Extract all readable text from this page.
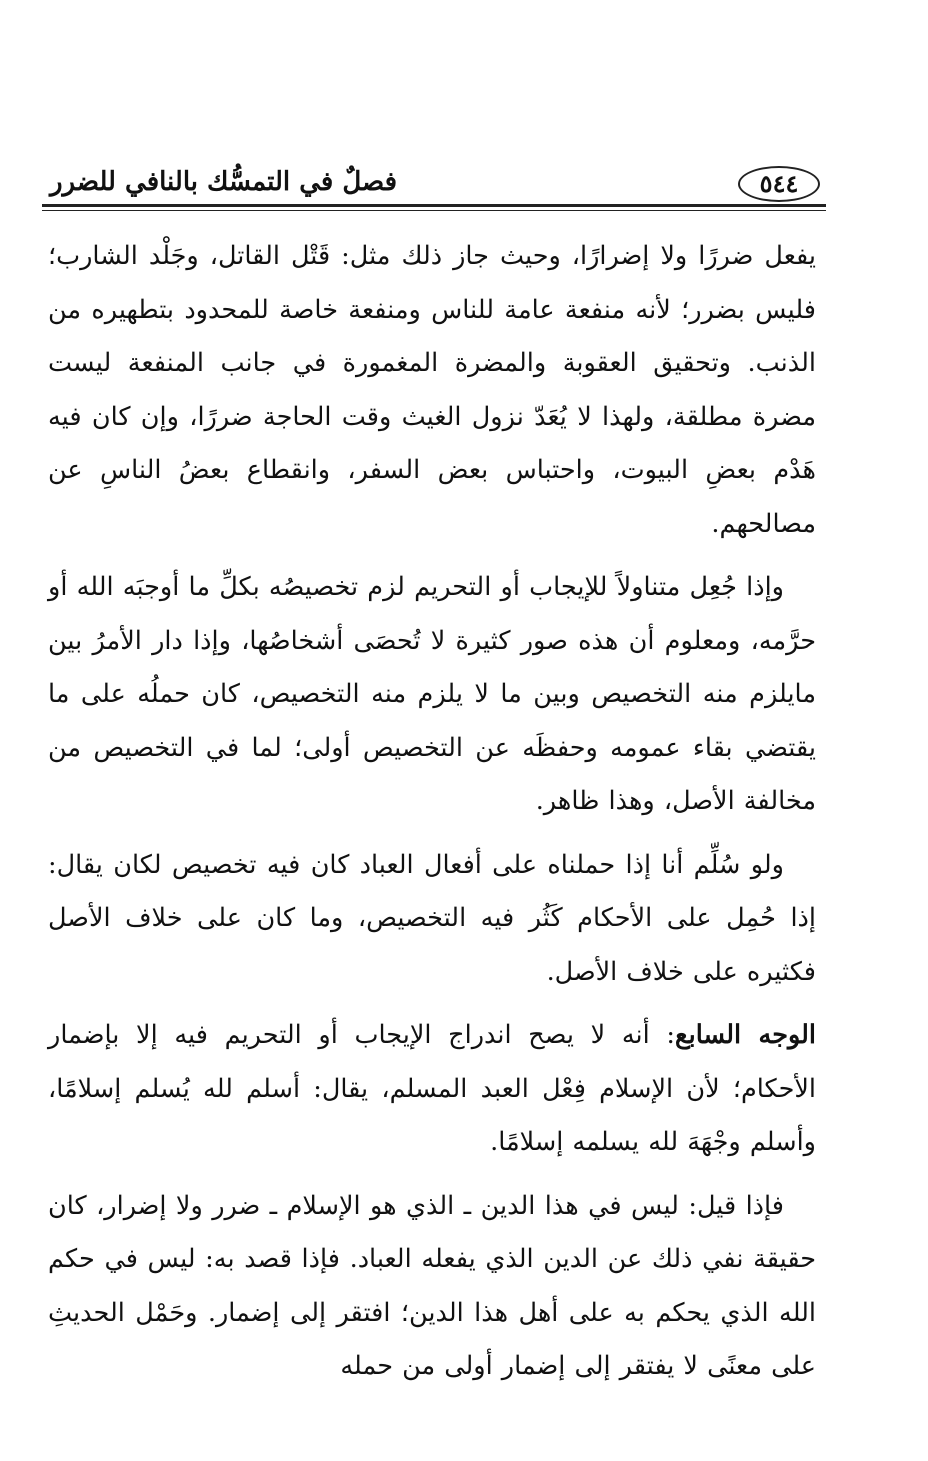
٥٤٤
فصلٌ في التمسُّك بالنافي للضرر

يفعل ضررًا ولا إضرارًا، وحيث جاز ذلك مثل: قَتْل القاتل، وجَلْد الشارب؛ فليس بضرر؛ لأنه منفعة عامة للناس ومنفعة خاصة للمحدود بتطهيره من الذنب. وتحقيق العقوبة والمضرة المغمورة في جانب المنفعة ليست مضرة مطلقة، ولهذا لا يُعَدّ نزول الغيث وقت الحاجة ضررًا، وإن كان فيه هَدْم بعضِ البيوت، واحتباس بعض السفر، وانقطاع بعضُ الناسِ عن مصالحهم.

وإذا جُعِل متناولاً للإيجاب أو التحريم لزم تخصيصُه بكلِّ ما أوجبَه الله أو حرَّمه، ومعلوم أن هذه صور كثيرة لا تُحصَى أشخاصُها، وإذا دار الأمرُ بين مايلزم منه التخصيص وبين ما لا يلزم منه التخصيص، كان حملُه على ما يقتضي بقاء عمومه وحفظَه عن التخصيص أولى؛ لما في التخصيص من مخالفة الأصل، وهذا ظاهر.

ولو سُلِّم أنا إذا حملناه على أفعال العباد كان فيه تخصيص لكان يقال: إذا حُمِل على الأحكام كَثُر فيه التخصيص، وما كان على خلاف الأصل فكثيره على خلاف الأصل.

الوجه السابع: أنه لا يصح اندراج الإيجاب أو التحريم فيه إلا بإضمار الأحكام؛ لأن الإسلام فِعْل العبد المسلم، يقال: أسلم لله يُسلم إسلامًا، وأسلم وجْهَهَ لله يسلمه إسلامًا.

فإذا قيل: ليس في هذا الدين ـ الذي هو الإسلام ـ ضرر ولا إضرار، كان حقيقة نفي ذلك عن الدين الذي يفعله العباد. فإذا قصد به: ليس في حكم الله الذي يحكم به على أهل هذا الدين؛ افتقر إلى إضمار. وحَمْل الحديثِ على معنًى لا يفتقر إلى إضمار أولى من حمله
